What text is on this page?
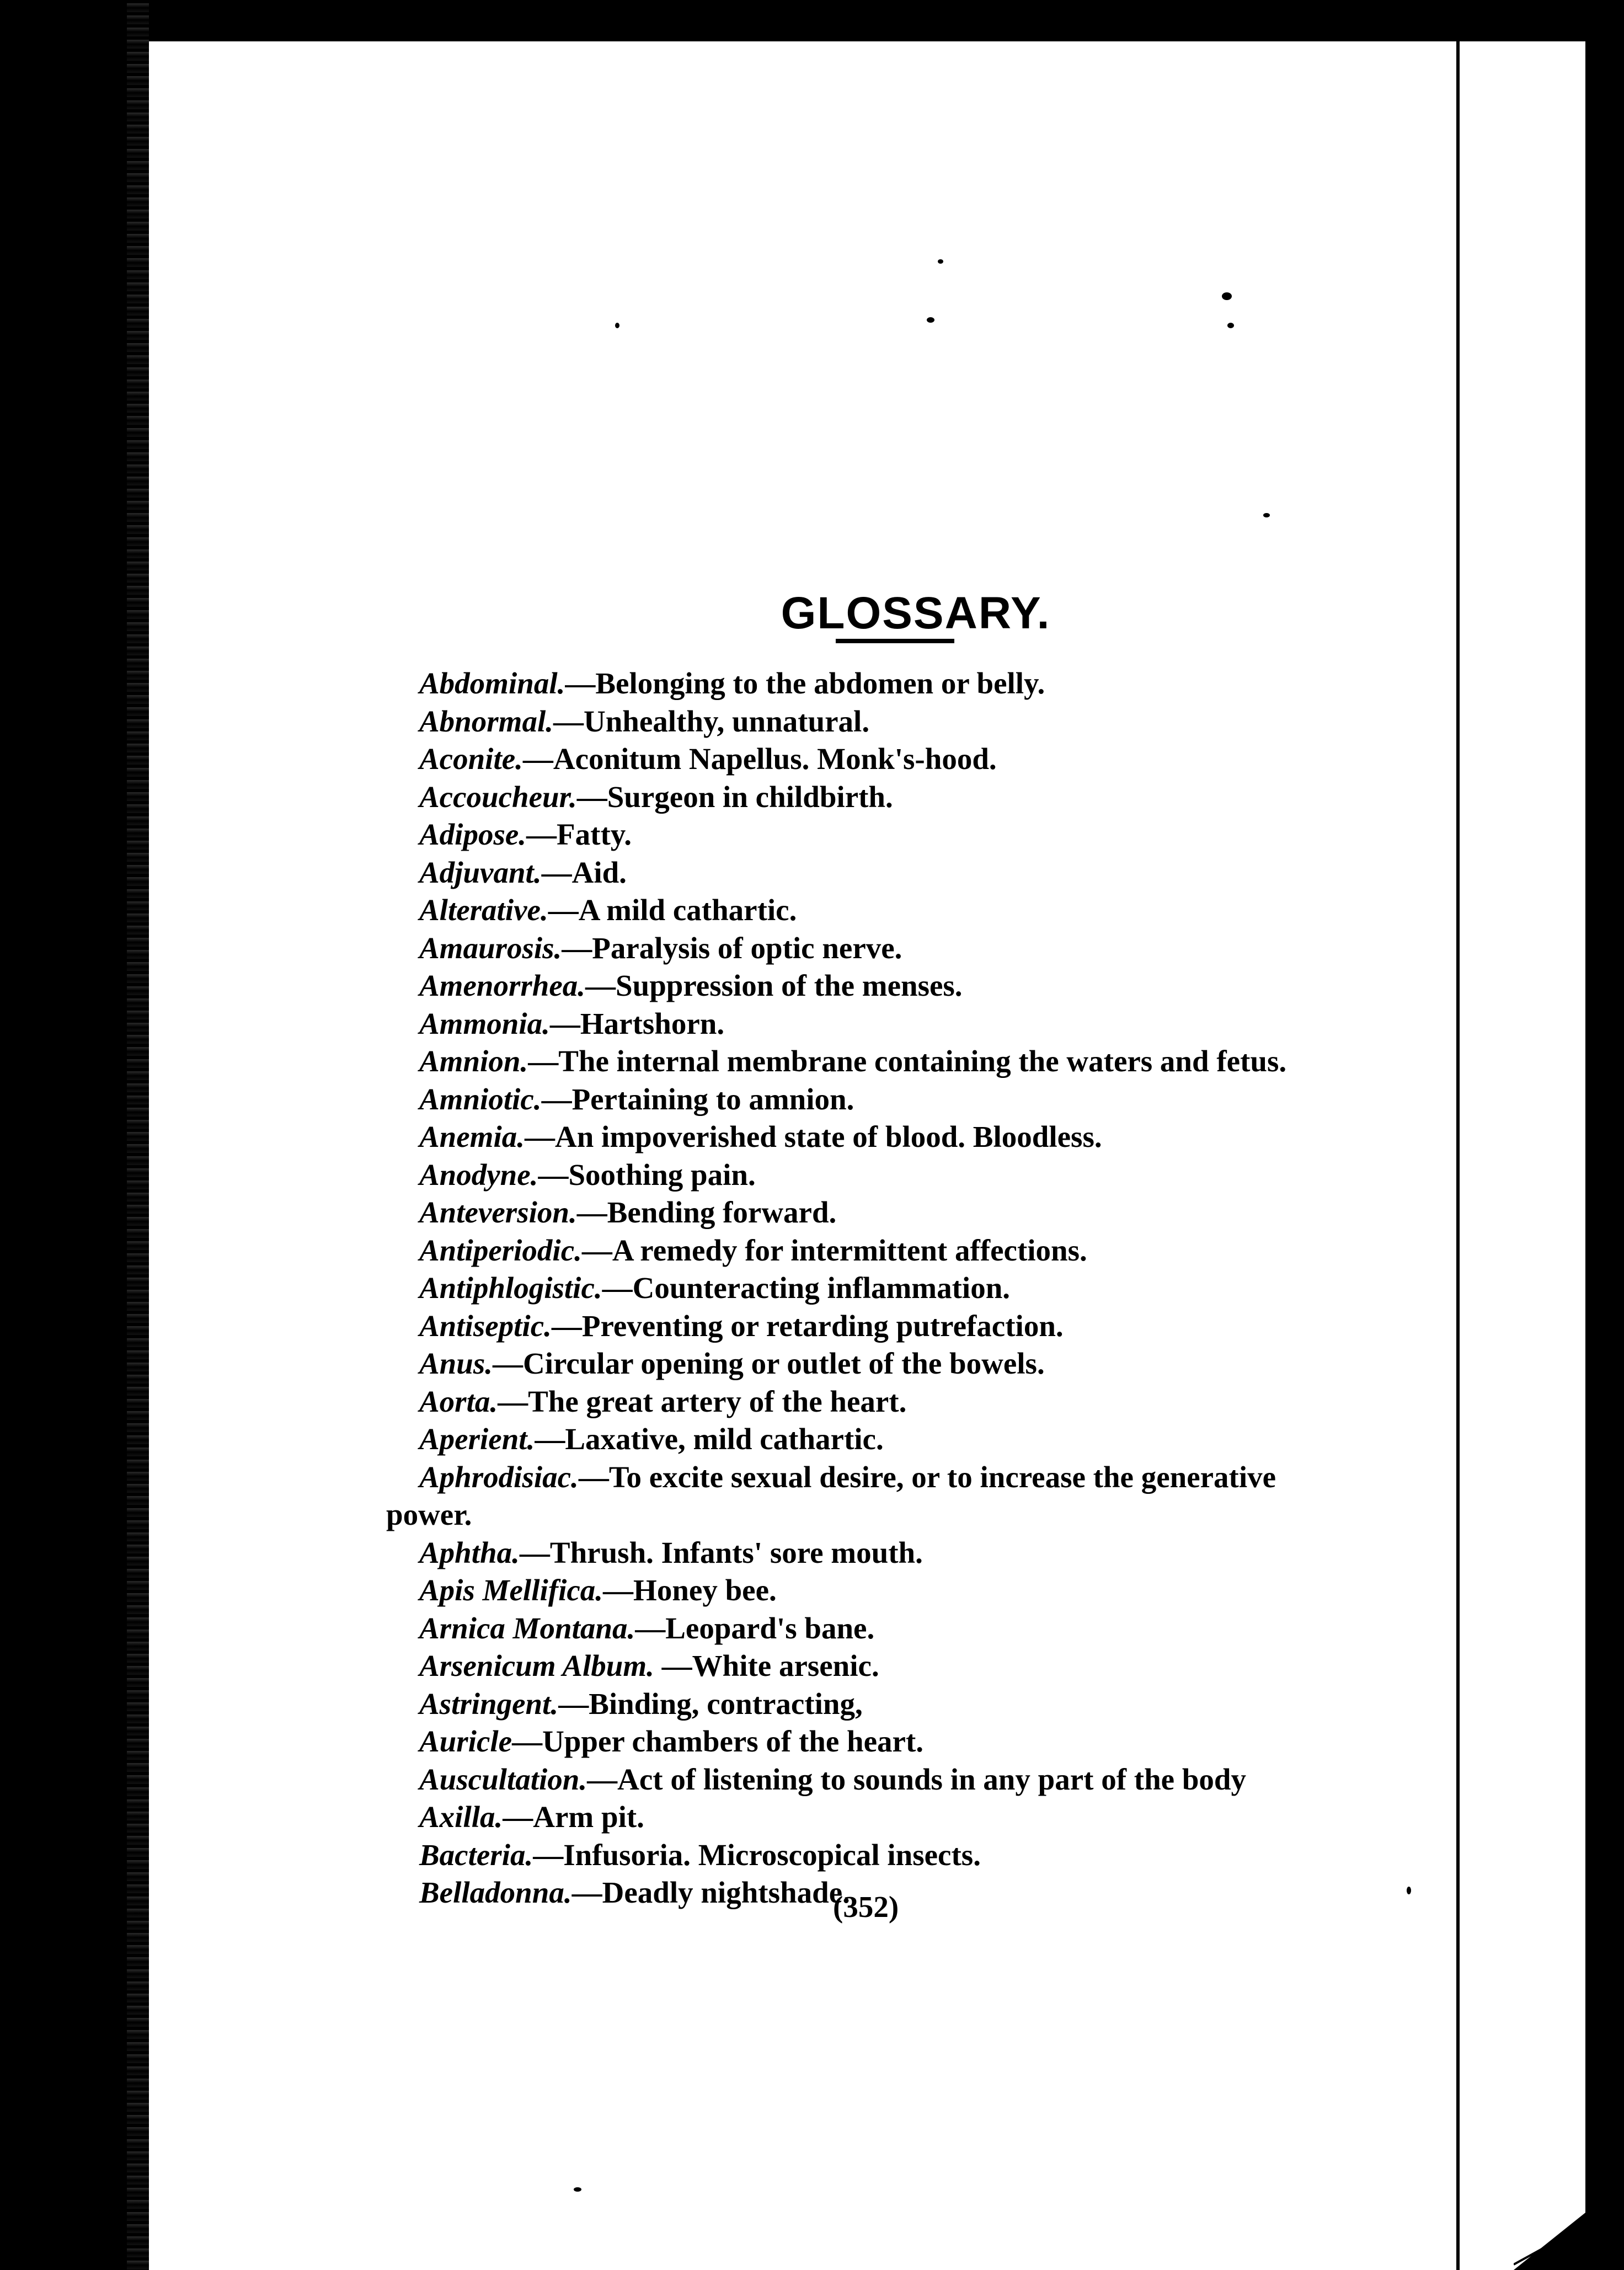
GLOSSARY.
Abdominal.—Belonging to the abdomen or belly.
Abnormal.—Unhealthy, unnatural.
Aconite.—Aconitum Napellus. Monk's-hood.
Accoucheur.—Surgeon in childbirth.
Adipose.—Fatty.
Adjuvant.—Aid.
Alterative.—A mild cathartic.
Amaurosis.—Paralysis of optic nerve.
Amenorrhea.—Suppression of the menses.
Ammonia.—Hartshorn.
Amnion.—The internal membrane containing the waters and fetus.
Amniotic.—Pertaining to amnion.
Anemia.—An impoverished state of blood. Bloodless.
Anodyne.—Soothing pain.
Anteversion.—Bending forward.
Antiperiodic.—A remedy for intermittent affections.
Antiphlogistic.—Counteracting inflammation.
Antiseptic.—Preventing or retarding putrefaction.
Anus.—Circular opening or outlet of the bowels.
Aorta.—The great artery of the heart.
Aperient.—Laxative, mild cathartic.
Aphrodisiac.—To excite sexual desire, or to increase the generative
power.
Aphtha.—Thrush. Infants' sore mouth.
Apis Mellifica.—Honey bee.
Arnica Montana.—Leopard's bane.
Arsenicum Album. —White arsenic.
Astringent.—Binding, contracting,
Auricle—Upper chambers of the heart.
Auscultation.—Act of listening to sounds in any part of the body
Axilla.—Arm pit.
Bacteria.—Infusoria. Microscopical insects.
Belladonna.—Deadly nightshade.
(352)
